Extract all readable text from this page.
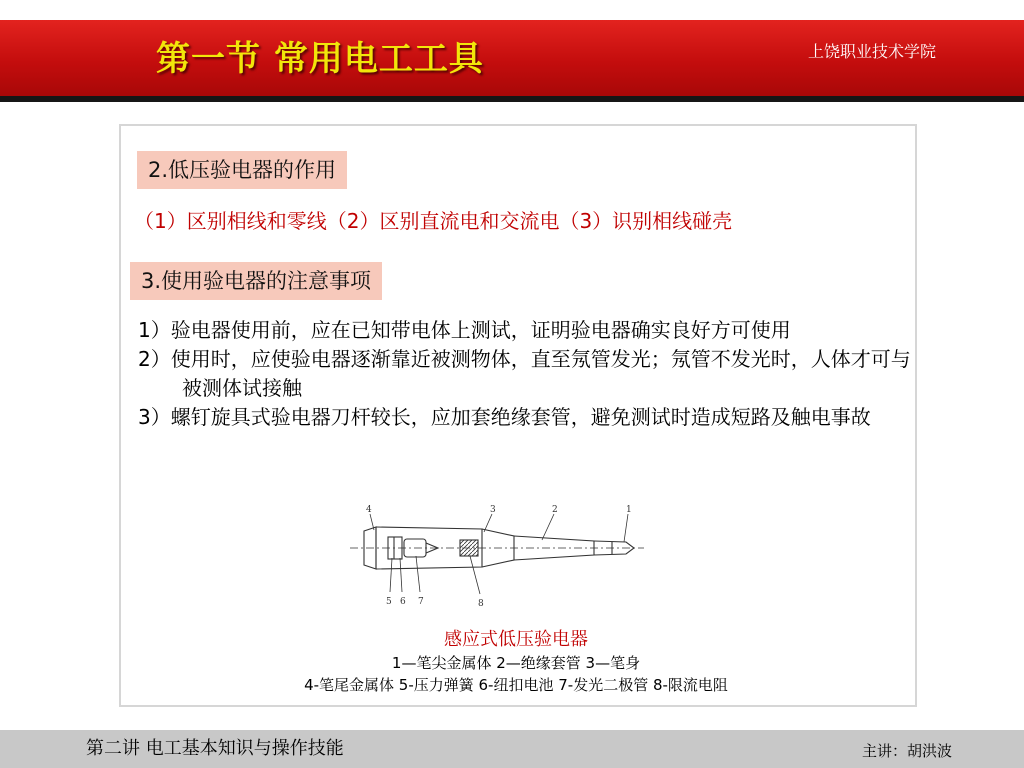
第一节 常用电工工具	上饶职业技术学院
2.低压验电器的作用
（1）区别相线和零线（2）区别直流电和交流电（3）识别相线碰壳
3.使用验电器的注意事项
1）验电器使用前，应在已知带电体上测试，证明验电器确实良好方可使用
2）使用时，应使验电器逐渐靠近被测物体，直至氖管发光；氖管不发光时，人体才可与被测体试接触
3）螺钉旋具式验电器刀杆较长，应加套绝缘套管，避免测试时造成短路及触电事故
4	3	2	1
5 6 7	8
感应式低压验电器
1—笔尖金属体 2—绝缘套管 3—笔身
4-笔尾金属体 5-压力弹簧 6-纽扣电池 7-发光二极管 8-限流电阻
第二讲 电工基本知识与操作技能	主讲：胡洪波
